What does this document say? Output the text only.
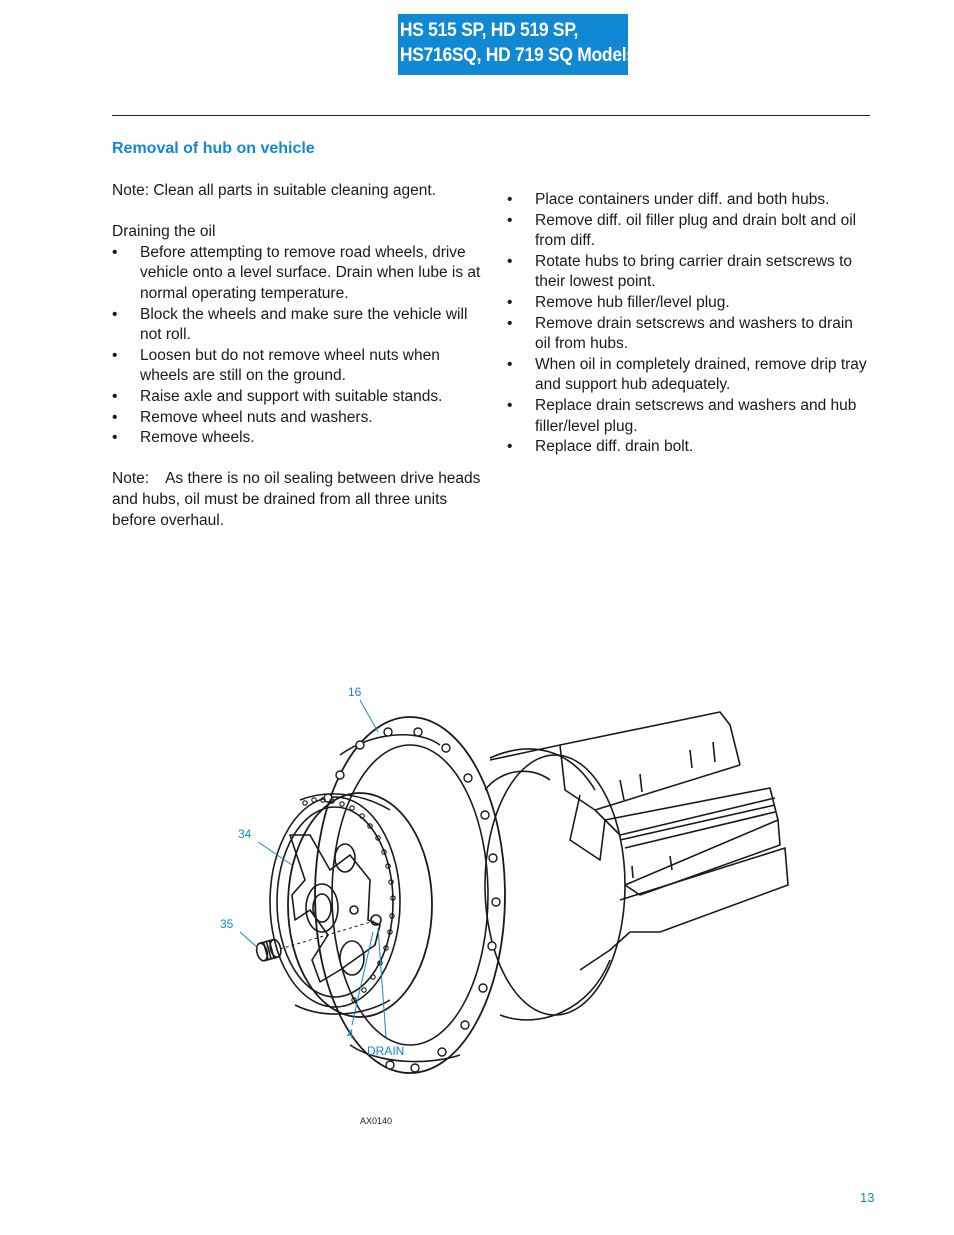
HS 515 SP, HD 519 SP,
HS716SQ, HD 719 SQ Models
Removal of hub on vehicle

Note: Clean all parts in suitable cleaning agent.

Draining the oil

• Before attempting to remove road wheels, drive vehicle onto a level surface. Drain when lube is at normal operating temperature.
• Block the wheels and make sure the vehicle will not roll.
• Loosen but do not remove wheel nuts when wheels are still on the ground.
• Raise axle and support with suitable stands.
• Remove wheel nuts and washers.
• Remove wheels.

Note: As there is no oil sealing between drive heads and hubs, oil must be drained from all three units before overhaul.

• Place containers under diff. and both hubs.
• Remove diff. oil filler plug and drain bolt and oil from diff.
• Rotate hubs to bring carrier drain setscrews to their lowest point.
• Remove hub filler/level plug.
• Remove drain setscrews and washers to drain oil from hubs.
• When oil in completely drained, remove drip tray and support hub adequately.
• Replace drain setscrews and washers and hub filler/level plug.
• Replace diff. drain bolt.
16
34
35
4
DRAIN
AX0140
13
